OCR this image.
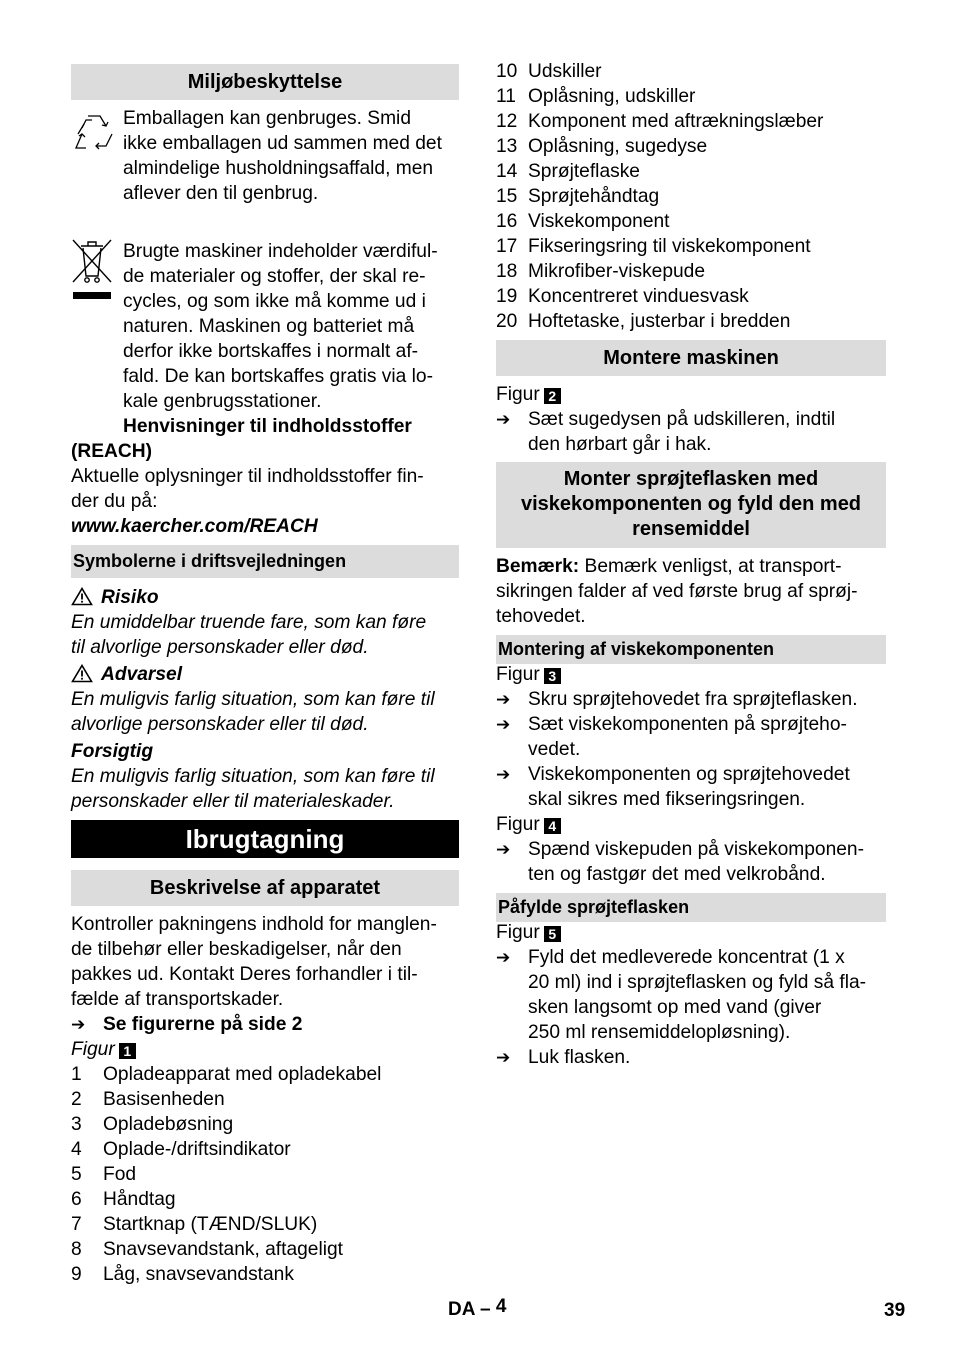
Miljøbeskyttelse
Emballagen kan genbruges. Smid
ikke emballagen ud sammen med det
almindelige husholdningsaffald, men
aflever den til genbrug.
Brugte maskiner indeholder værdiful-
de materialer og stoffer, der skal re-
cycles, og som ikke må komme ud i
naturen. Maskinen og batteriet må
derfor ikke bortskaffes i normalt af-
fald. De kan bortskaffes gratis via lo-
kale genbrugsstationer.
Henvisninger til indholdsstoffer
(REACH)
Aktuelle oplysninger til indholdsstoffer fin-
der du på:
www.kaercher.com/REACH
Symbolerne i driftsvejledningen
Risiko
En umiddelbar truende fare, som kan føre
til alvorlige personskader eller død.
Advarsel
En muligvis farlig situation, som kan føre til
alvorlige personskader eller til død.
Forsigtig
En muligvis farlig situation, som kan føre til
personskader eller til materialeskader.
Ibrugtagning
Beskrivelse af apparatet
Kontroller pakningens indhold for manglen-
de tilbehør eller beskadigelser, når den
pakkes ud. Kontakt Deres forhandler i til-
fælde af transportskader.
➔ Se figurerne på side 2
Figur 1
1	Opladeapparat med opladekabel
2	Basisenheden
3	Opladebøsning
4	Oplade-/driftsindikator
5	Fod
6	Håndtag
7	Startknap (TÆND/SLUK)
8	Snavsevandstank, aftageligt
9	Låg, snavsevandstank
10 Udskiller
11 Oplåsning, udskiller
12 Komponent med aftrækningslæber
13 Oplåsning, sugedyse
14 Sprøjteflaske
15 Sprøjtehåndtag
16 Viskekomponent
17 Fikseringsring til viskekomponent
18 Mikrofiber-viskepude
19 Koncentreret vinduesvask
20 Hoftetaske, justerbar i bredden
Montere maskinen
Figur 2
➔ Sæt sugedysen på udskilleren, indtil
den hørbart går i hak.
Monter sprøjteflasken med
viskekomponenten og fyld den med
rensemiddel
Bemærk: Bemærk venligst, at transport-
sikringen falder af ved første brug af sprøj-
tehovedet.
Montering af viskekomponenten
Figur 3
➔ Skru sprøjtehovedet fra sprøjteflasken.
➔ Sæt viskekomponenten på sprøjteho-
vedet.
➔ Viskekomponenten og sprøjtehovedet
skal sikres med fikseringsringen.
Figur 4
➔ Spænd viskepuden på viskekomponen-
ten og fastgør det med velkrobånd.
Påfylde sprøjteflasken
Figur 5
➔ Fyld det medleverede koncentrat (1 x
20 ml) ind i sprøjteflasken og fyld så fla-
sken langsomt op med vand (giver
250 ml rensemiddelopløsning).
➔ Luk flasken.
DA – 4	39
